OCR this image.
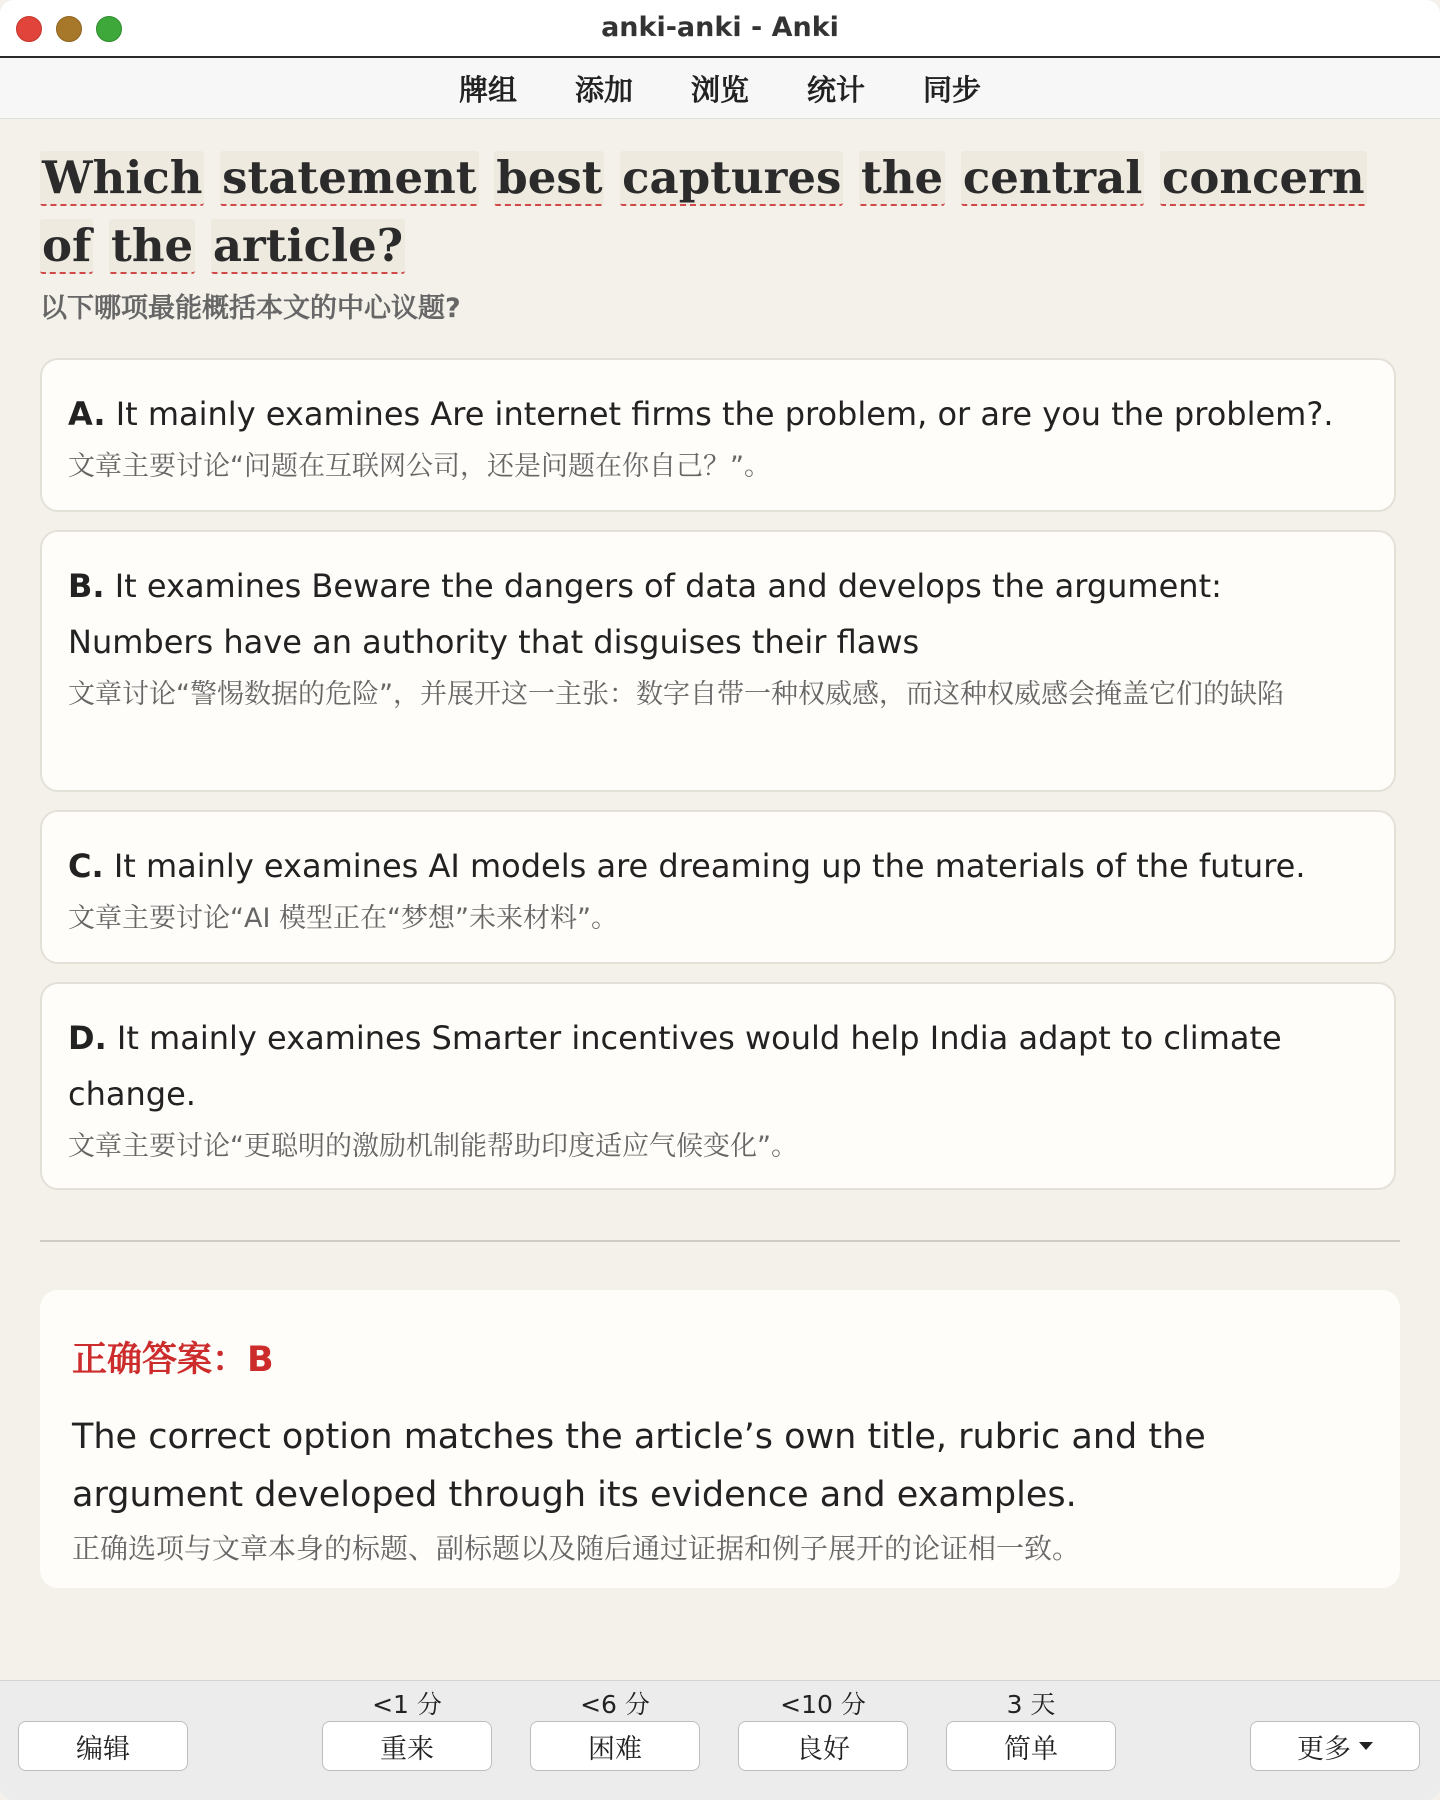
anki-anki - Anki
牌组 添加 浏览 统计 同步

Which statement best captures the central concern of the article?

以下哪项最能概括本文的中心议题?
A. It mainly examines Are internet firms the problem, or are you the problem?.
文章主要讨论“问题在互联网公司，还是问题在你自己？”。
B. It examines Beware the dangers of data and develops the argument: Numbers have an authority that disguises their flaws
文章讨论“警惕数据的危险”，并展开这一主张：数字自带一种权威感，而这种权威感会掩盖它们的缺陷
C. It mainly examines AI models are dreaming up the materials of the future.
文章主要讨论“AI 模型正在“梦想”未来材料”。
D. It mainly examines Smarter incentives would help India adapt to climate change.
文章主要讨论“更聪明的激励机制能帮助印度适应气候变化”。
正确答案：B
The correct option matches the article’s own title, rubric and the argument developed through its evidence and examples.
正确选项与文章本身的标题、副标题以及随后通过证据和例子展开的论证相一致。
编辑
<1 分
重来
<6 分
困难
<10 分
良好
3 天
简单	更多
